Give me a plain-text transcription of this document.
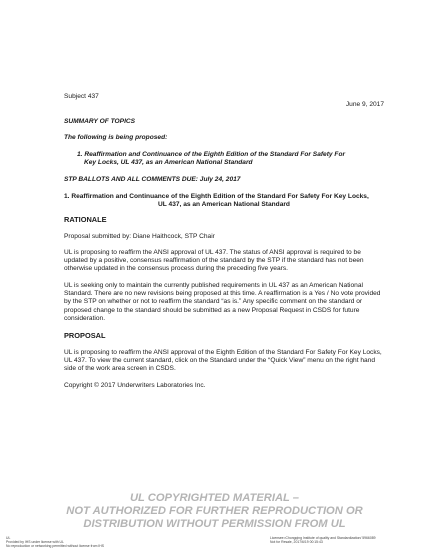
Subject 437
June 9, 2017
SUMMARY OF TOPICS
The following is being proposed:
1. Reaffirmation and Continuance of the Eighth Edition of the Standard For Safety For
Key Locks, UL 437, as an American National Standard
STP BALLOTS AND ALL COMMENTS DUE: July 24, 2017
1. Reaffirmation and Continuance of the Eighth Edition of the Standard For Safety For Key Locks,
UL 437, as an American National Standard
RATIONALE
Proposal submitted by: Diane Haithcock, STP Chair
UL is proposing to reaffirm the ANSI approval of UL 437. The status of ANSI approval is required to be updated by a positive, consensus reaffirmation of the standard by the STP if the standard has not been otherwise updated in the consensus process during the preceding five years.
UL is seeking only to maintain the currently published requirements in UL 437 as an American National Standard. There are no new revisions being proposed at this time. A reaffirmation is a Yes / No vote provided by the STP on whether or not to reaffirm the standard “as is.” Any specific comment on the standard or proposed change to the standard should be submitted as a new Proposal Request in CSDS for future consideration.
PROPOSAL
UL is proposing to reaffirm the ANSI approval of the Eighth Edition of the Standard For Safety For Key Locks, UL 437. To view the current standard, click on the Standard under the “Quick View” menu on the right hand side of the work area screen in CSDS.
Copyright © 2017 Underwriters Laboratories Inc.

UL COPYRIGHTED MATERIAL –
NOT AUTHORIZED FOR FURTHER REPRODUCTION OR
DISTRIBUTION WITHOUT PERMISSION FROM UL
UL
Provided by IHS under license with UL
No reproduction or networking permitted without license from IHS
Licensee=Chongqing Institute of quality and Standardization/ 5966089
Not for Resale, 2017/6/19 00:15:43
